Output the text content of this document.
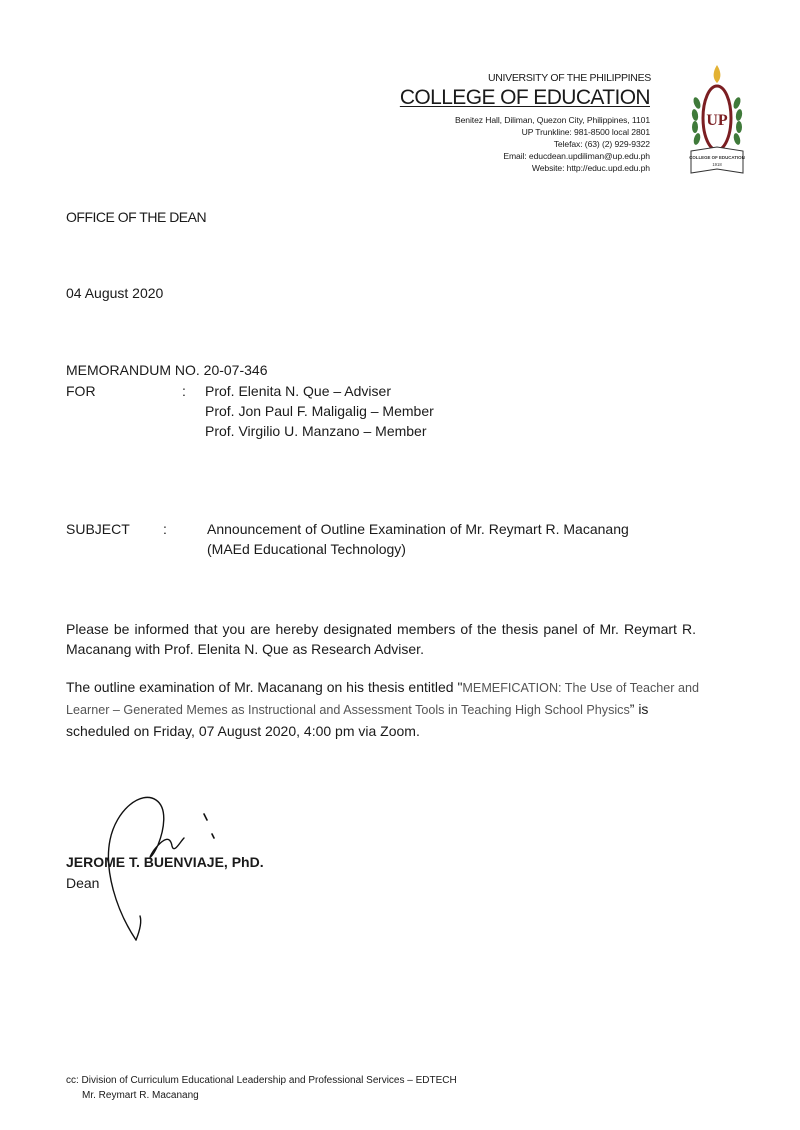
UNIVERSITY OF THE PHILIPPINES
COLLEGE OF EDUCATION
Benitez Hall, Diliman, Quezon City, Philippines, 1101
UP Trunkline: 981-8500 local 2801
Telefax: (63) (2) 929-9322
Email: educdean.updiliman@up.edu.ph
Website: http://educ.upd.edu.ph
UP
COLLEGE OF EDUCATION
1918
OFFICE OF THE DEAN
04 August 2020
MEMORANDUM NO. 20-07-346
FOR	: Prof. Elenita N. Que – Adviser
Prof. Jon Paul F. Maligalig – Member
Prof. Virgilio U. Manzano – Member
SUBJECT :	Announcement of Outline Examination of Mr. Reymart R. Macanang
(MAEd Educational Technology)
Please be informed that you are hereby designated members of the thesis panel of Mr. Reymart R. Macanang with Prof. Elenita N. Que as Research Adviser.
The outline examination of Mr. Macanang on his thesis entitled "MEMEFICATION: The Use of Teacher and Learner – Generated Memes as Instructional and Assessment Tools in Teaching High School Physics” is scheduled on Friday, 07 August 2020, 4:00 pm via Zoom.
JEROME T. BUENVIAJE, PhD.
Dean
cc: Division of Curriculum Educational Leadership and Professional Services – EDTECH
Mr. Reymart R. Macanang
